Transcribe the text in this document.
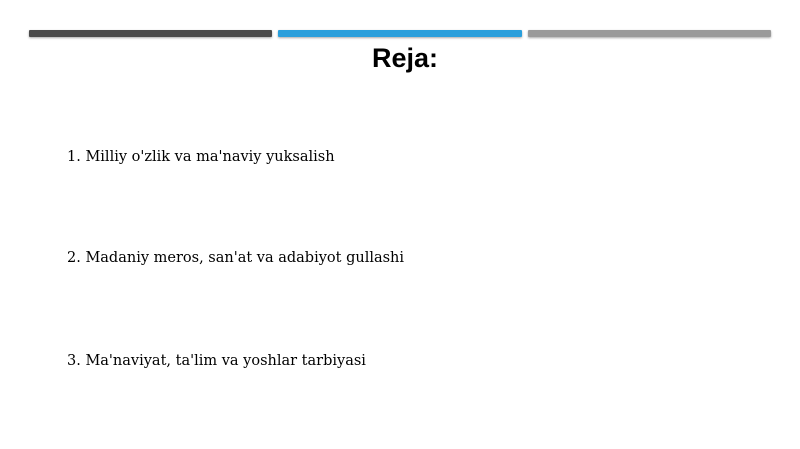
Reja:
1. Milliy o'zlik va ma'naviy yuksalish
2. Madaniy meros, san'at va adabiyot gullashi
3. Ma'naviyat, ta'lim va yoshlar tarbiyasi
